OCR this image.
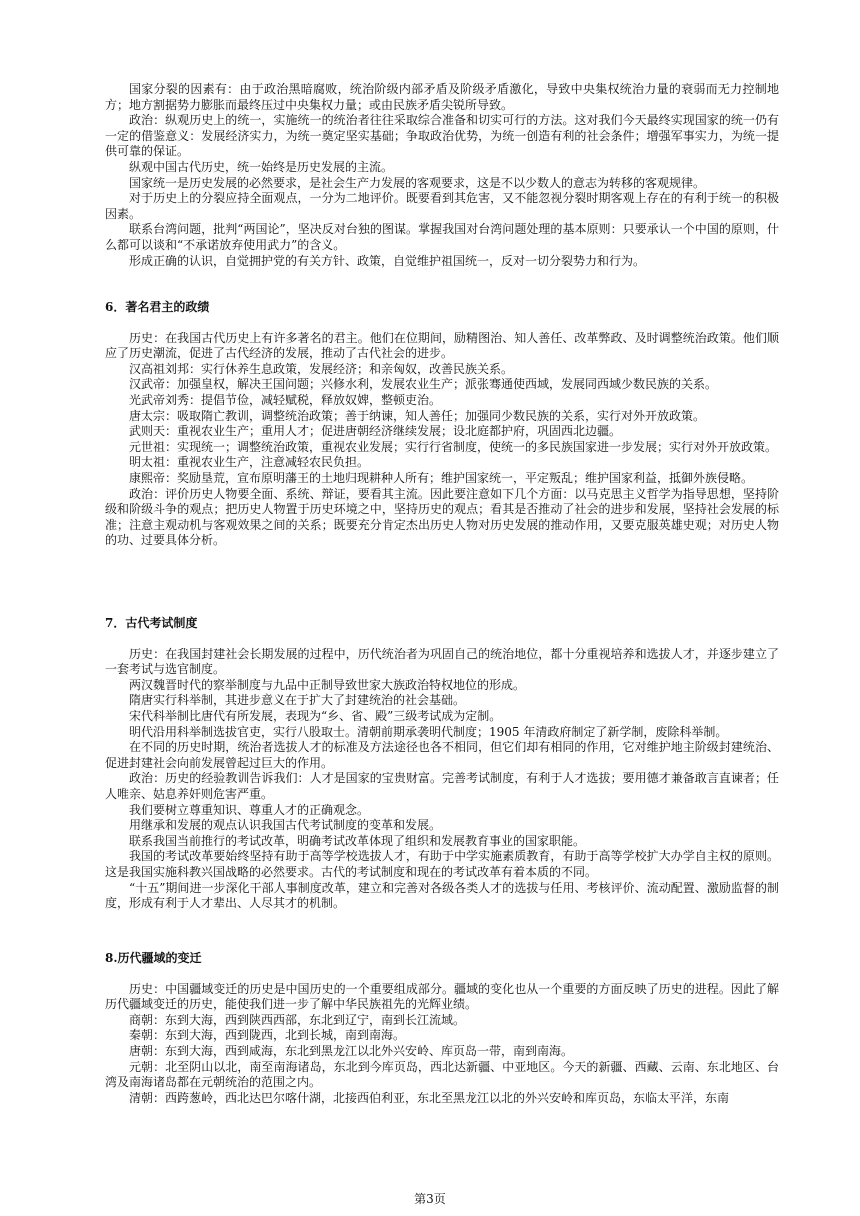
国家分裂的因素有：由于政治黑暗腐败，统治阶级内部矛盾及阶级矛盾激化，导致中央集权统治力量的衰弱而无力控制地方；地方割据势力膨胀而最终压过中央集权力量；或由民族矛盾尖锐所导致。

政治：纵观历史上的统一，实施统一的统治者往往采取综合准备和切实可行的方法。这对我们今天最终实现国家的统一仍有一定的借鉴意义：发展经济实力，为统一奠定坚实基础；争取政治优势，为统一创造有利的社会条件；增强军事实力，为统一提供可靠的保证。

纵观中国古代历史，统一始终是历史发展的主流。

国家统一是历史发展的必然要求，是社会生产力发展的客观要求，这是不以少数人的意志为转移的客观规律。

对于历史上的分裂应持全面观点，一分为二地评价。既要看到其危害，又不能忽视分裂时期客观上存在的有利于统一的积极因素。

联系台湾问题，批判“两国论”，坚决反对台独的图谋。掌握我国对台湾问题处理的基本原则：只要承认一个中国的原则，什么都可以谈和“不承诺放弃使用武力”的含义。

形成正确的认识，自觉拥护党的有关方针、政策，自觉维护祖国统一，反对一切分裂势力和行为。

6．著名君主的政绩

历史：在我国古代历史上有许多著名的君主。他们在位期间，励精图治、知人善任、改革弊政、及时调整统治政策。他们顺应了历史潮流，促进了古代经济的发展，推动了古代社会的进步。

汉高祖刘邦：实行休养生息政策，发展经济；和亲匈奴，改善民族关系。

汉武帝：加强皇权，解决王国问题；兴修水利，发展农业生产；派张骞通使西域，发展同西域少数民族的关系。

光武帝刘秀：提倡节俭，减轻赋税，释放奴婢，整顿吏治。

唐太宗：吸取隋亡教训，调整统治政策；善于纳谏，知人善任；加强同少数民族的关系，实行对外开放政策。

武则天：重视农业生产；重用人才；促进唐朝经济继续发展；设北庭都护府，巩固西北边疆。

元世祖：实现统一；调整统治政策，重视农业发展；实行行省制度，使统一的多民族国家进一步发展；实行对外开放政策。

明太祖：重视农业生产，注意减轻农民负担。

康熙帝：奖励垦荒，宣布原明藩王的土地归现耕种人所有；维护国家统一，平定叛乱；维护国家利益，抵御外族侵略。

政治：评价历史人物要全面、系统、辩证，要看其主流。因此要注意如下几个方面：以马克思主义哲学为指导思想，坚持阶级和阶级斗争的观点；把历史人物置于历史环境之中，坚持历史的观点；看其是否推动了社会的进步和发展，坚持社会发展的标准；注意主观动机与客观效果之间的关系；既要充分肯定杰出历史人物对历史发展的推动作用，又要克服英雄史观；对历史人物的功、过要具体分析。

7．古代考试制度

历史：在我国封建社会长期发展的过程中，历代统治者为巩固自己的统治地位，都十分重视培养和选拔人才，并逐步建立了一套考试与选官制度。

两汉魏晋时代的察举制度与九品中正制导致世家大族政治特权地位的形成。

隋唐实行科举制，其进步意义在于扩大了封建统治的社会基础。

宋代科举制比唐代有所发展，表现为“乡、省、殿”三级考试成为定制。

明代沿用科举制选拔官吏，实行八股取士。清朝前期承袭明代制度；1905 年清政府制定了新学制，废除科举制。

在不同的历史时期，统治者选拔人才的标准及方法途径也各不相同，但它们却有相同的作用，它对维护地主阶级封建统治、促进封建社会向前发展曾起过巨大的作用。

政治：历史的经验教训告诉我们：人才是国家的宝贵财富。完善考试制度，有利于人才选拔；要用德才兼备敢言直谏者；任人唯亲、姑息养奸则危害严重。

我们要树立尊重知识、尊重人才的正确观念。

用继承和发展的观点认识我国古代考试制度的变革和发展。

联系我国当前推行的考试改革，明确考试改革体现了组织和发展教育事业的国家职能。

我国的考试改革要始终坚持有助于高等学校选拔人才，有助于中学实施素质教育，有助于高等学校扩大办学自主权的原则。这是我国实施科教兴国战略的必然要求。古代的考试制度和现在的考试改革有着本质的不同。

“十五”期间进一步深化干部人事制度改革，建立和完善对各级各类人才的选拔与任用、考核评价、流动配置、激励监督的制度，形成有利于人才辈出、人尽其才的机制。

8.历代疆域的变迁

历史：中国疆域变迁的历史是中国历史的一个重要组成部分。疆域的变化也从一个重要的方面反映了历史的进程。因此了解历代疆域变迁的历史，能使我们进一步了解中华民族祖先的光辉业绩。

商朝：东到大海，西到陕西西部，东北到辽宁，南到长江流域。

秦朝：东到大海，西到陇西，北到长城，南到南海。

唐朝：东到大海，西到咸海，东北到黑龙江以北外兴安岭、库页岛一带，南到南海。

元朝：北至阴山以北，南至南海诸岛，东北到今库页岛，西北达新疆、中亚地区。今天的新疆、西藏、云南、东北地区、台湾及南海诸岛都在元朝统治的范围之内。

清朝：西跨葱岭，西北达巴尔喀什湖，北接西伯利亚，东北至黑龙江以北的外兴安岭和库页岛，东临太平洋，东南

第3页
